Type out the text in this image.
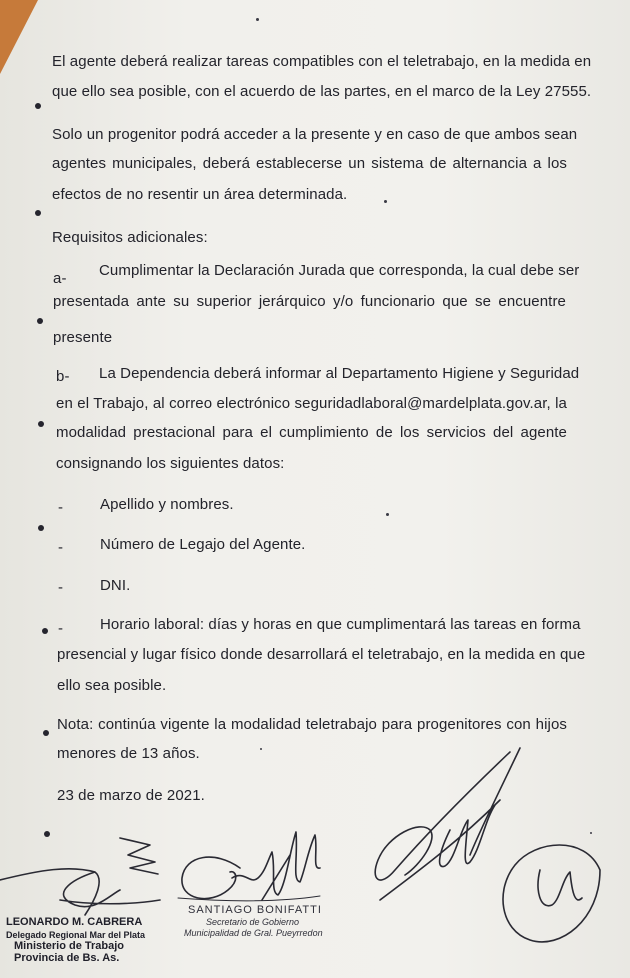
El agente deberá realizar tareas compatibles con el teletrabajo, en la medida en
que ello sea posible, con el acuerdo de las partes, en el marco de la Ley 27555.
Solo un progenitor podrá acceder a la presente y en caso de que ambos sean
agentes municipales, deberá establecerse un sistema de alternancia a los
efectos de no resentir un área determinada.
Requisitos adicionales:
a- Cumplimentar la Declaración Jurada que corresponda, la cual debe ser
presentada ante su superior jerárquico y/o funcionario que se encuentre
presente
b- La Dependencia deberá informar al Departamento Higiene y Seguridad
en el Trabajo, al correo electrónico seguridadlaboral@mardelplata.gov.ar, la
modalidad prestacional para el cumplimiento de los servicios del agente
consignando los siguientes datos:
- Apellido y nombres.
- Número de Legajo del Agente.
- DNI.
- Horario laboral: días y horas en que cumplimentará las tareas en forma
presencial y lugar físico donde desarrollará el teletrabajo, en la medida en que
ello sea posible.
Nota: continúa vigente la modalidad teletrabajo para progenitores con hijos
menores de 13 años.
23 de marzo de 2021.
LEONARDO M. CABRERA
Delegado Regional Mar del Plata
Ministerio de Trabajo
Provincia de Bs. As.
SANTIAGO BONIFATTI
Secretario de Gobierno
Municipalidad de Gral. Pueyrredon
